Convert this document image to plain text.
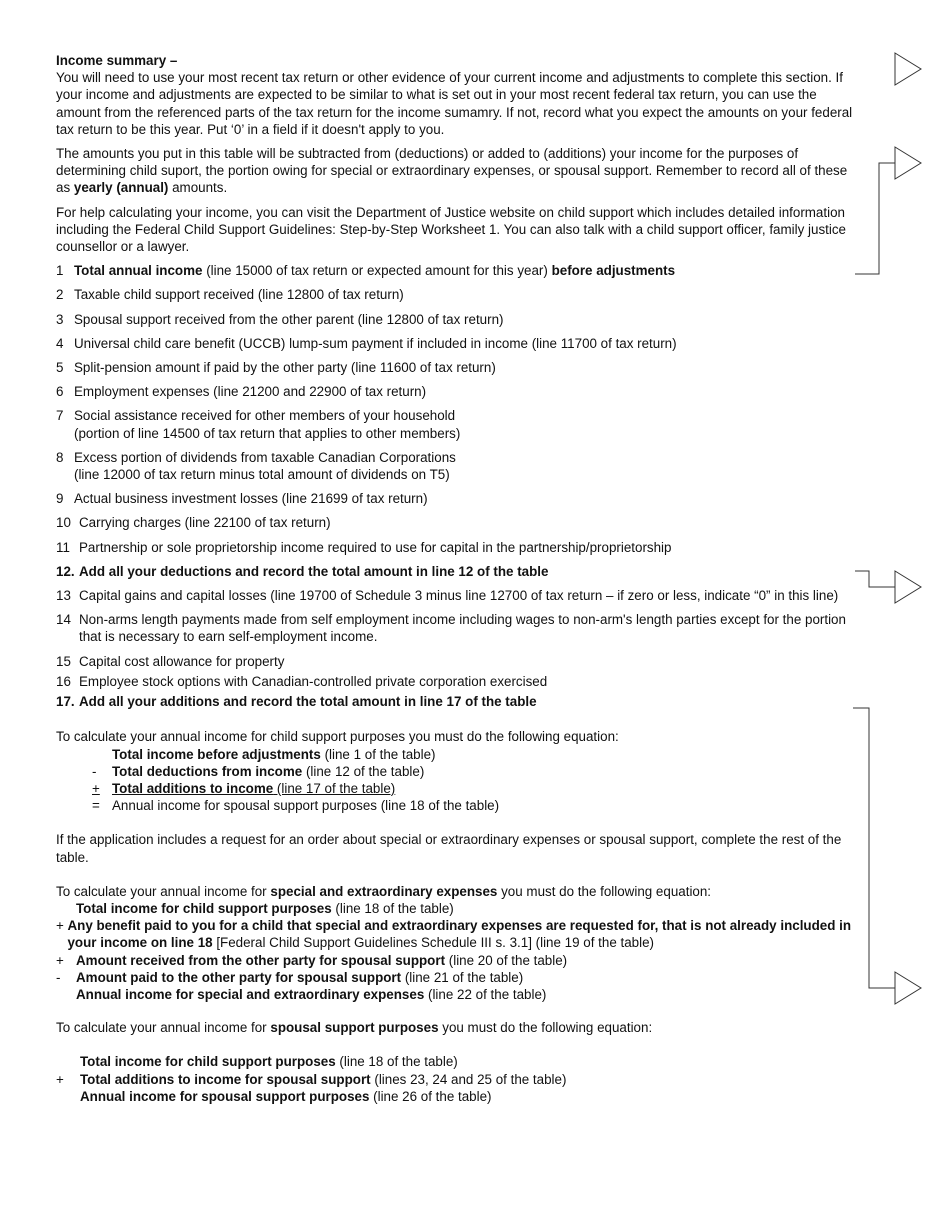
Income summary –

You will need to use your most recent tax return or other evidence of your current income and adjustments to complete this section. If your income and adjustments are expected to be similar to what is set out in your most recent federal tax return, you can use the amount from the referenced parts of the tax return for the income sumamry. If not, record what you expect the amounts on your federal tax return to be this year. Put ‘0’ in a field if it doesn't apply to you.

The amounts you put in this table will be subtracted from (deductions) or added to (additions) your income for the purposes of determining child suport, the portion owing for special or extraordinary expenses, or spousal support. Remember to record all of these as yearly (annual) amounts.

For help calculating your income, you can visit the Department of Justice website on child support which includes detailed information including the Federal Child Support Guidelines: Step-by-Step Worksheet 1. You can also talk with a child support officer, family justice counsellor or a lawyer.

1 Total annual income (line 15000 of tax return or expected amount for this year) before adjustments
2 Taxable child support received (line 12800 of tax return)
3 Spousal support received from the other parent (line 12800 of tax return)
4 Universal child care benefit (UCCB) lump-sum payment if included in income (line 11700 of tax return)
5 Split-pension amount if paid by the other party (line 11600 of tax return)
6 Employment expenses (line 21200 and 22900 of tax return)
7 Social assistance received for other members of your household
(portion of line 14500 of tax return that applies to other members)
8 Excess portion of dividends from taxable Canadian Corporations
(line 12000 of tax return minus total amount of dividends on T5)
9 Actual business investment losses (line 21699 of tax return)
10 Carrying charges (line 22100 of tax return)
11 Partnership or sole proprietorship income required to use for capital in the partnership/proprietorship
12. Add all your deductions and record the total amount in line 12 of the table
13 Capital gains and capital losses (line 19700 of Schedule 3 minus line 12700 of tax return – if zero or less, indicate “0” in this line)
14 Non-arms length payments made from self employment income including wages to non-arm's length parties except for the portion that is necessary to earn self-employment income.
15 Capital cost allowance for property
16 Employee stock options with Canadian-controlled private corporation exercised
17. Add all your additions and record the total amount in line 17 of the table

To calculate your annual income for child support purposes you must do the following equation:

Total income before adjustments (line 1 of the table)
-	Total deductions from income (line 12 of the table)
+ Total additions to income (line 17 of the table)
= Annual income for spousal support purposes (line 18 of the table)

If the application includes a request for an order about special or extraordinary expenses or spousal support, complete the rest of the table.

To calculate your annual income for special and extraordinary expenses you must do the following equation:

Total income for child support purposes (line 18 of the table)
+ Any benefit paid to you for a child that special and extraordinary expenses are requested for, that is not already included in your income on line 18 [Federal Child Support Guidelines Schedule III s. 3.1] (line 19 of the table)
+ Amount received from the other party for spousal support (line 20 of the table)
-	Amount paid to the other party for spousal support (line 21 of the table)
Annual income for special and extraordinary expenses (line 22 of the table)

To calculate your annual income for spousal support purposes you must do the following equation:

Total income for child support purposes (line 18 of the table)
+	Total additions to income for spousal support (lines 23, 24 and 25 of the table)
Annual income for spousal support purposes (line 26 of the table)
